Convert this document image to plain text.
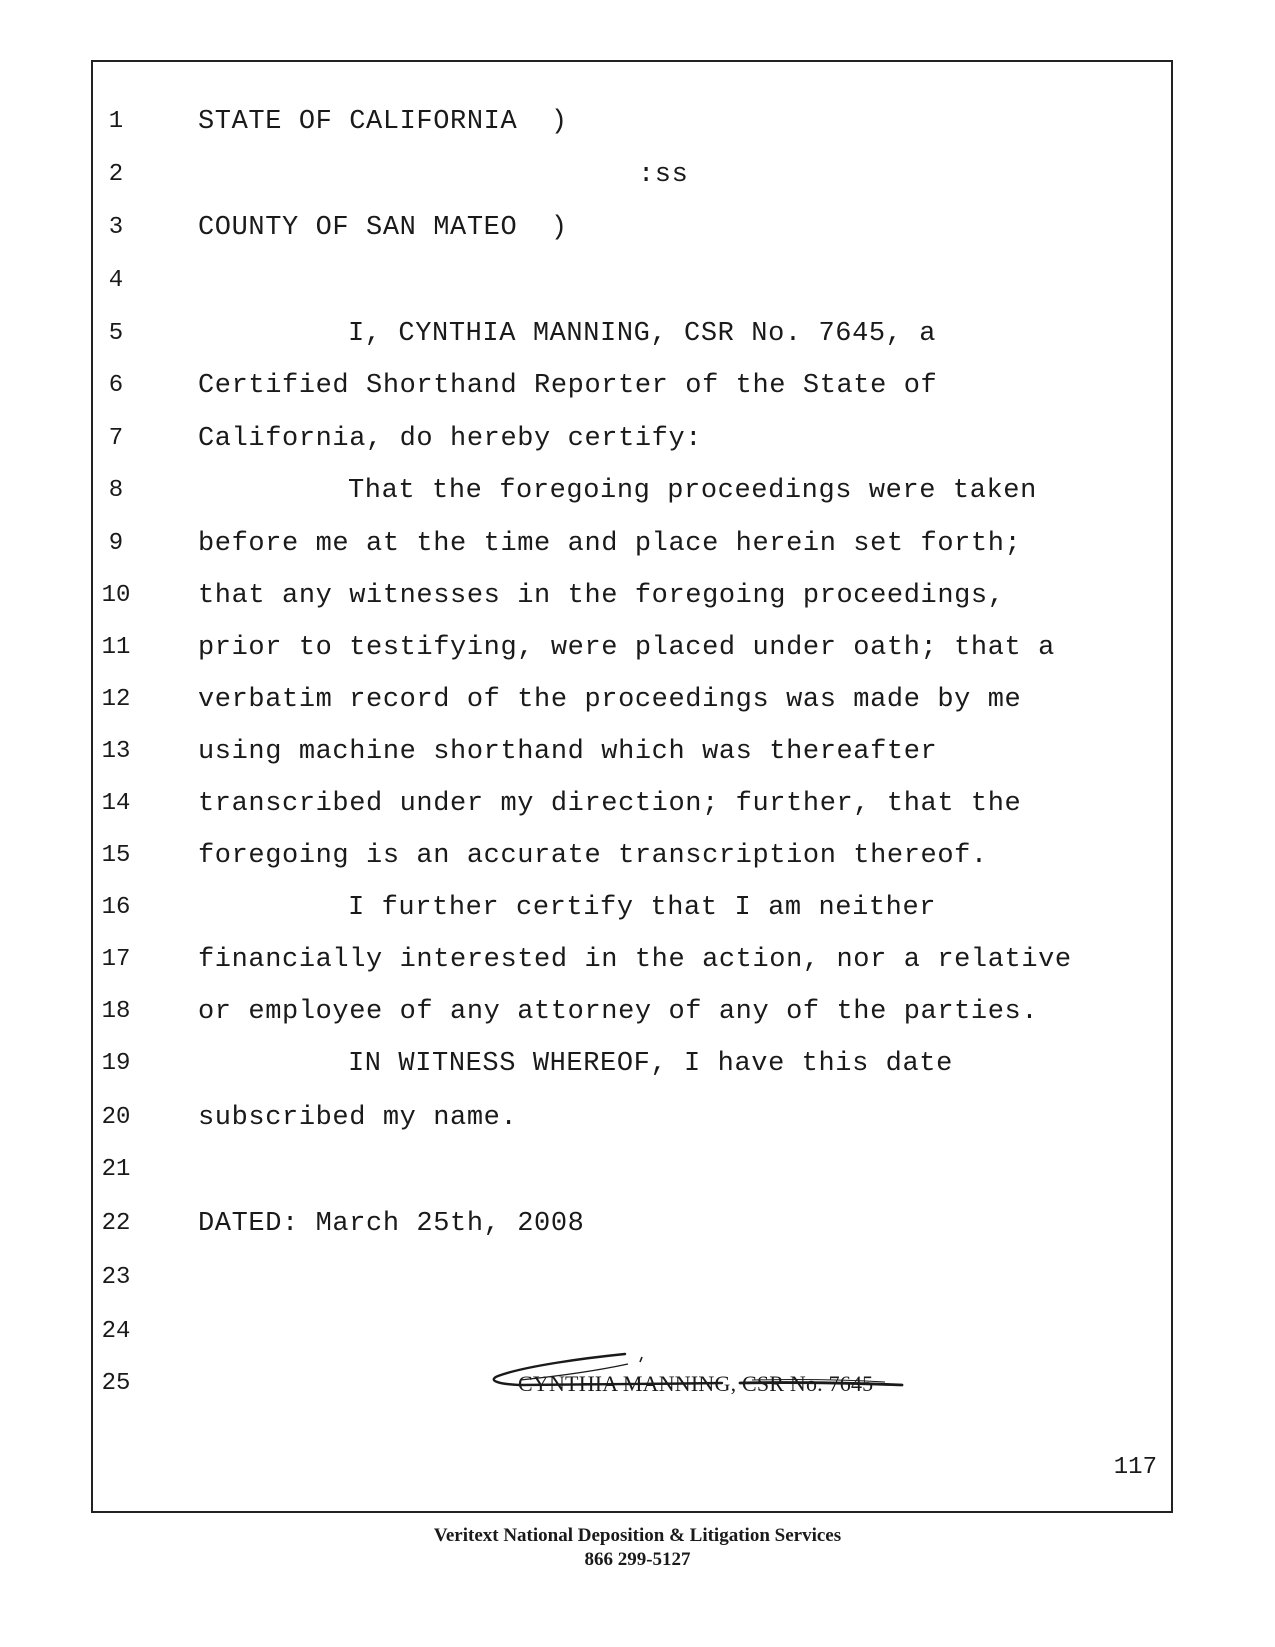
1	STATE OF CALIFORNIA  )
2	:ss
3	COUNTY OF SAN MATEO  )
4
5	I, CYNTHIA MANNING, CSR No. 7645, a
6	Certified Shorthand Reporter of the State of
7	California, do hereby certify:
8	That the foregoing proceedings were taken
9	before me at the time and place herein set forth;
10	that any witnesses in the foregoing proceedings,
11	prior to testifying, were placed under oath; that a
12	verbatim record of the proceedings was made by me
13	using machine shorthand which was thereafter
14	transcribed under my direction; further, that the
15	foregoing is an accurate transcription thereof.
16	I further certify that I am neither
17	financially interested in the action, nor a relative
18	or employee of any attorney of any of the parties.
19	IN WITNESS WHEREOF, I have this date
20	subscribed my name.
21
22	DATED: March 25th, 2008
23
24
25	CYNTHIA MANNING, CSR No. 7645
117
Veritext National Deposition & Litigation Services
866 299-5127
